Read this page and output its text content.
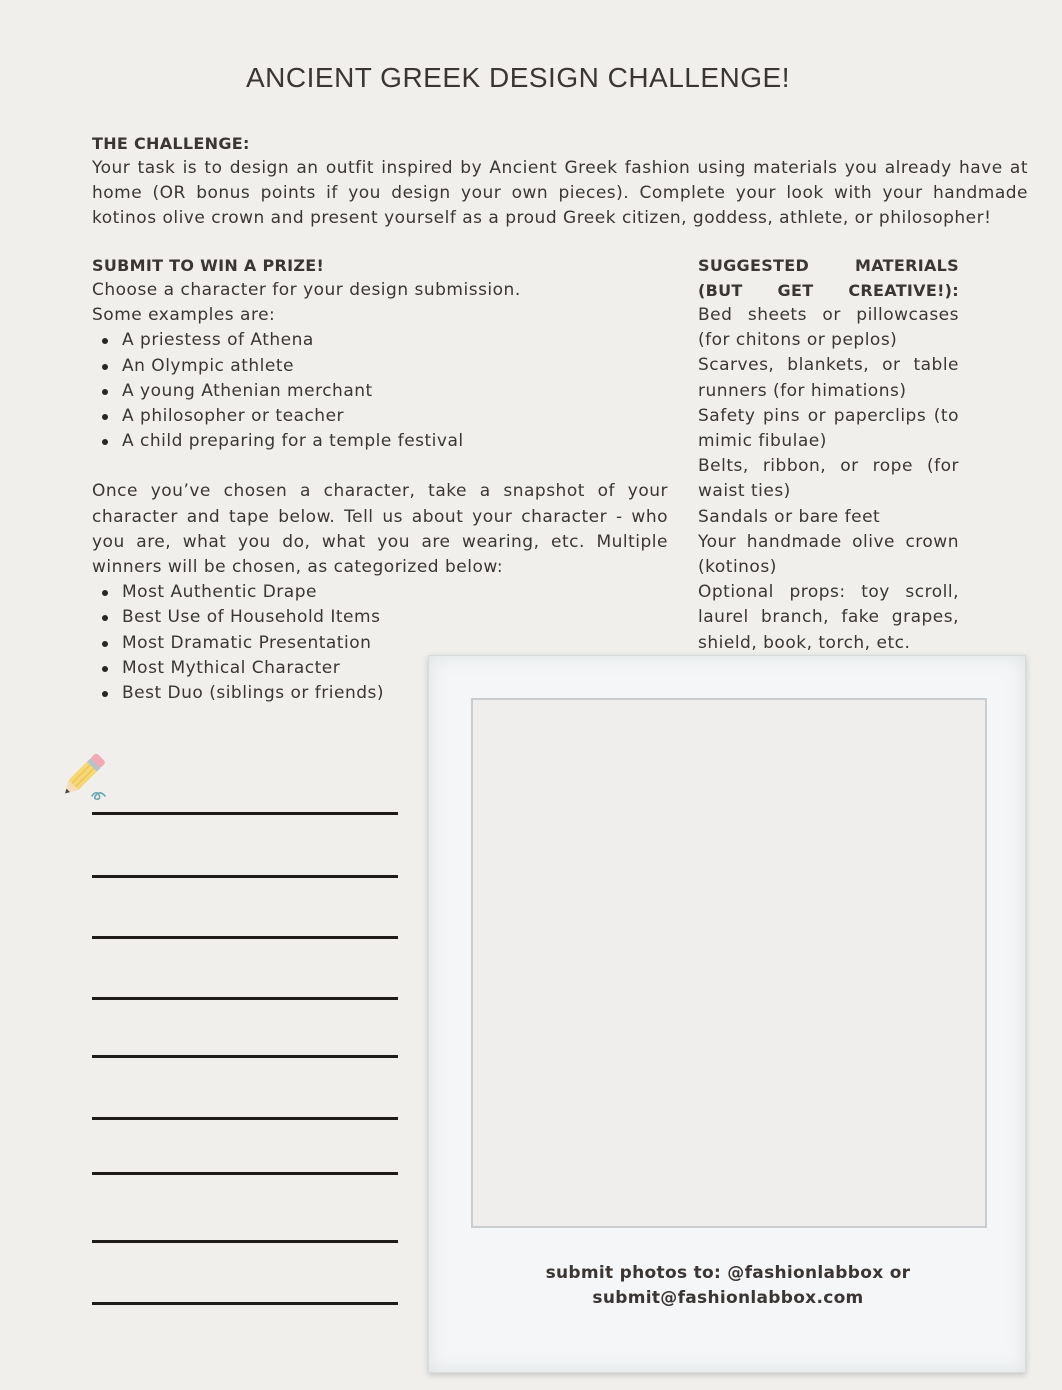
ANCIENT GREEK DESIGN CHALLENGE!

THE CHALLENGE:

Your task is to design an outfit inspired by Ancient Greek fashion using materials you already have at home (OR bonus points if you design your own pieces). Complete your look with your handmade kotinos olive crown and present yourself as a proud Greek citizen, goddess, athlete, or philosopher!

SUBMIT TO WIN A PRIZE!

Choose a character for your design submission.

Some examples are:

A priestess of Athena
An Olympic athlete
A young Athenian merchant
A philosopher or teacher
A child preparing for a temple festival

Once you’ve chosen a character, take a snapshot of your character and tape below. Tell us about your character - who you are, what you do, what you are wearing, etc. Multiple winners will be chosen, as categorized below:

Most Authentic Drape
Best Use of Household Items
Most Dramatic Presentation
Most Mythical Character
Best Duo (siblings or friends)

SUGGESTED MATERIALS (BUT GET CREATIVE!):

Bed sheets or pillowcases (for chitons or peplos)

Scarves, blankets, or table runners (for himations)

Safety pins or paperclips (to mimic fibulae)

Belts, ribbon, or rope (for waist ties)

Sandals or bare feet

Your handmade olive crown (kotinos)

Optional props: toy scroll, laurel branch, fake grapes, shield, book, torch, etc.

submit photos to: @fashionlabbox or
submit@fashionlabbox.com
